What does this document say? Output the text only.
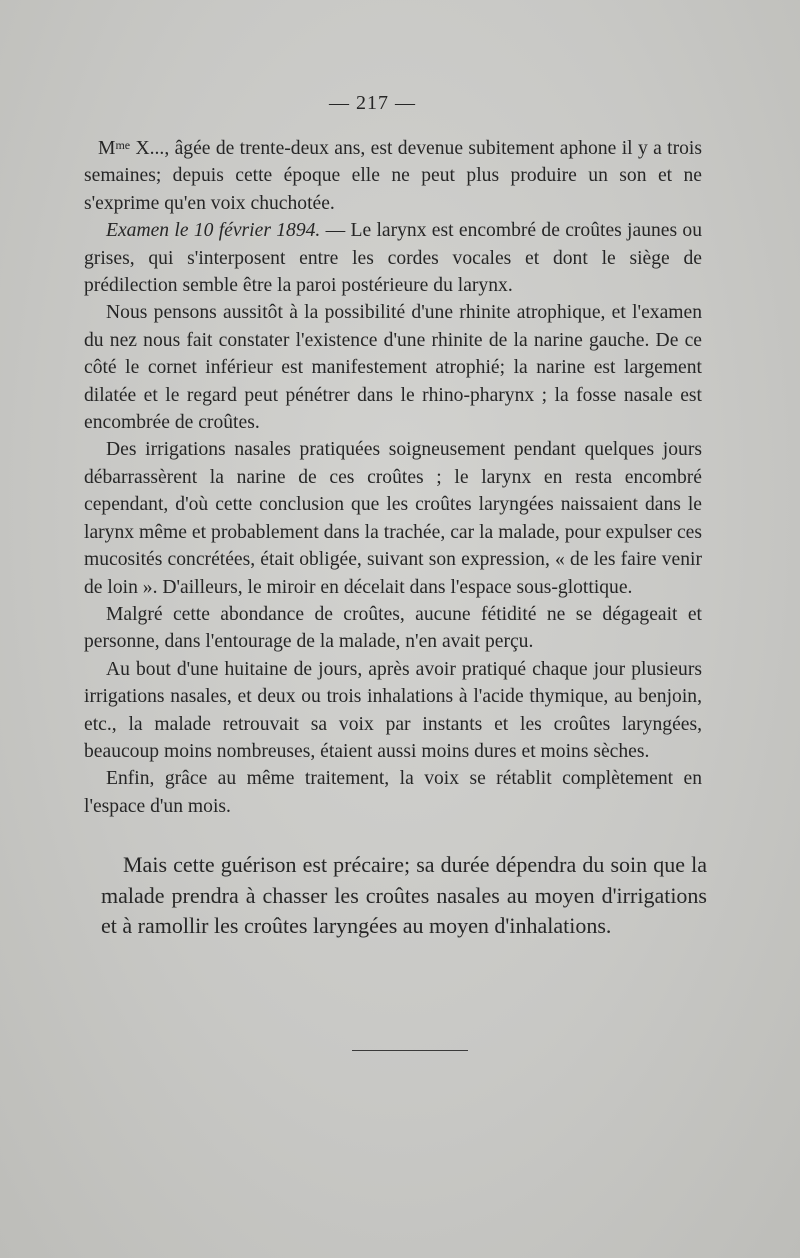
— 217 —

$M^{me}$ X..., âgée de trente-deux ans, est devenue subitement aphone il y a trois semaines; depuis cette époque elle ne peut plus produire un son et ne s'exprime qu'en voix chuchotée.

Examen le 10 février 1894. — Le larynx est encombré de croûtes jaunes ou grises, qui s'interposent entre les cordes vocales et dont le siège de prédilection semble être la paroi postérieure du larynx.

Nous pensons aussitôt à la possibilité d'une rhinite atrophique, et l'examen du nez nous fait constater l'existence d'une rhinite de la narine gauche. De ce côté le cornet inférieur est manifestement atrophié; la narine est largement dilatée et le regard peut pénétrer dans le rhino-pharynx ; la fosse nasale est encombrée de croûtes.

Des irrigations nasales pratiquées soigneusement pendant quelques jours débarrassèrent la narine de ces croûtes ; le larynx en resta encombré cependant, d'où cette conclusion que les croûtes laryngées naissaient dans le larynx même et probablement dans la trachée, car la malade, pour expulser ces mucosités concrétées, était obligée, suivant son expression, « de les faire venir de loin ». D'ailleurs, le miroir en décelait dans l'espace sous-glottique.

Malgré cette abondance de croûtes, aucune fétidité ne se dégageait et personne, dans l'entourage de la malade, n'en avait perçu.

Au bout d'une huitaine de jours, après avoir pratiqué chaque jour plusieurs irrigations nasales, et deux ou trois inhalations à l'acide thymique, au benjoin, etc., la malade retrouvait sa voix par instants et les croûtes laryngées, beaucoup moins nombreuses, étaient aussi moins dures et moins sèches.

Enfin, grâce au même traitement, la voix se rétablit complètement en l'espace d'un mois.

Mais cette guérison est précaire; sa durée dépendra du soin que la malade prendra à chasser les croûtes nasales au moyen d'irrigations et à ramollir les croûtes laryngées au moyen d'inhalations.
